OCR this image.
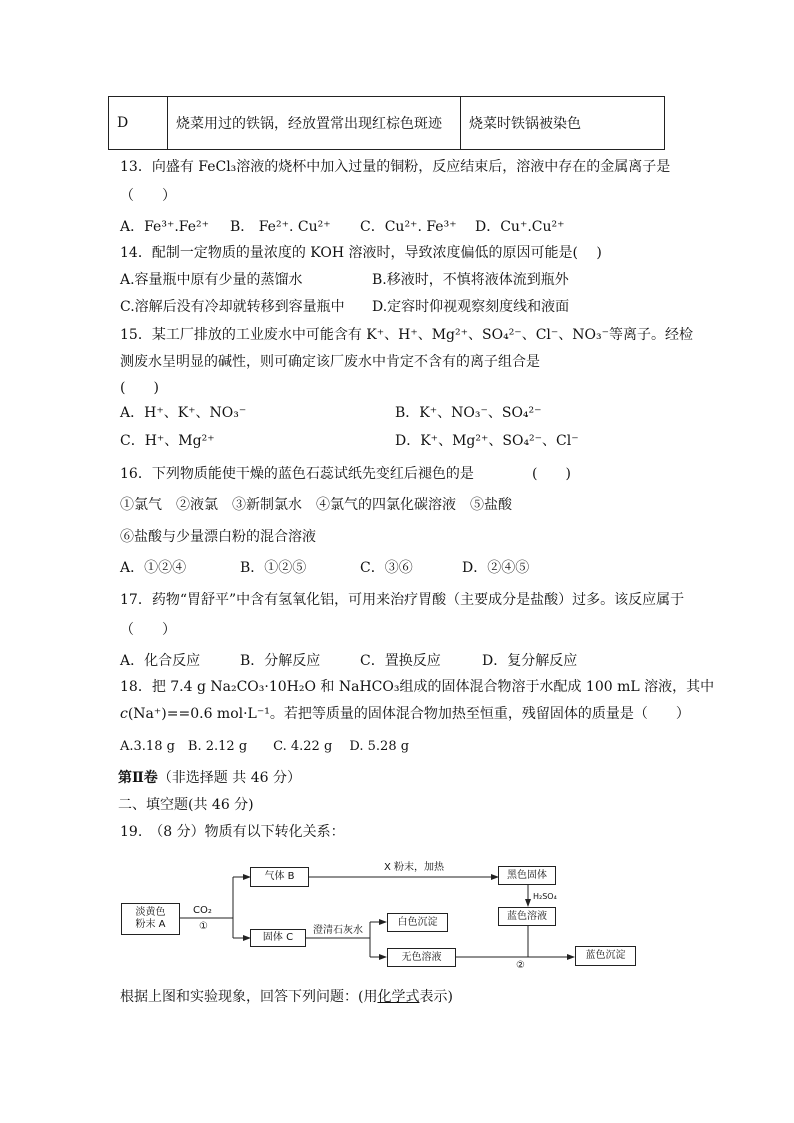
D	烧菜用过的铁锅，经放置常出现红棕色斑迹	烧菜时铁锅被染色
13．向盛有 FeCl₃溶液的烧杯中加入过量的铜粉，反应结束后，溶液中存在的金属离子是
（　　）
A．Fe³⁺.Fe²⁺ B． Fe²⁺. Cu²⁺ C．Cu²⁺. Fe³⁺ D．Cu⁺.Cu²⁺
14．配制一定物质的量浓度的 KOH 溶液时，导致浓度偏低的原因可能是(　 )
A.容量瓶中原有少量的蒸馏水	B.移液时，不慎将液体流到瓶外
C.溶解后没有冷却就转移到容量瓶中 D.定容时仰视观察刻度线和液面
15．某工厂排放的工业废水中可能含有 K⁺、H⁺、Mg²⁺、SO₄²⁻、Cl⁻、NO₃⁻等离子。经检
测废水呈明显的碱性，则可确定该厂废水中肯定不含有的离子组合是
(　　)
A．H⁺、K⁺、NO₃⁻	B．K⁺、NO₃⁻、SO₄²⁻
C．H⁺、Mg²⁺	D．K⁺、Mg²⁺、SO₄²⁻、Cl⁻
16．下列物质能使干燥的蓝色石蕊试纸先变红后褪色的是	(　　)
①氯气　②液氯　③新制氯水　④氯气的四氯化碳溶液　⑤盐酸
⑥盐酸与少量漂白粉的混合溶液
A．①②④	B．①②⑤	C．③⑥	D．②④⑤
17．药物“胃舒平”中含有氢氧化铝，可用来治疗胃酸（主要成分是盐酸）过多。该反应属于
（　　）
A．化合反应	B．分解反应	C．置换反应	D．复分解反应
18．把 7.4 g Na₂CO₃·10H₂O 和 NaHCO₃组成的固体混合物溶于水配成 100 mL 溶液，其中
c(Na⁺)==0.6 mol·L⁻¹。若把等质量的固体混合物加热至恒重，残留固体的质量是（　　）
A.3.18 g　B. 2.12 g　　C. 4.22 g　 D. 5.28 g
第Ⅱ卷（非选择题 共 46 分）
二、填空题(共 46 分)
19.　（8 分）物质有以下转化关系：
淡黄色
粉末 A
CO₂
①
气体 B
X 粉末，加热
黑色固体
H₂SO₄
蓝色溶液
固体 C
澄清石灰水
白色沉淀
无色溶液
②
蓝色沉淀
根据上图和实验现象，回答下列问题：(用化学式表示)
